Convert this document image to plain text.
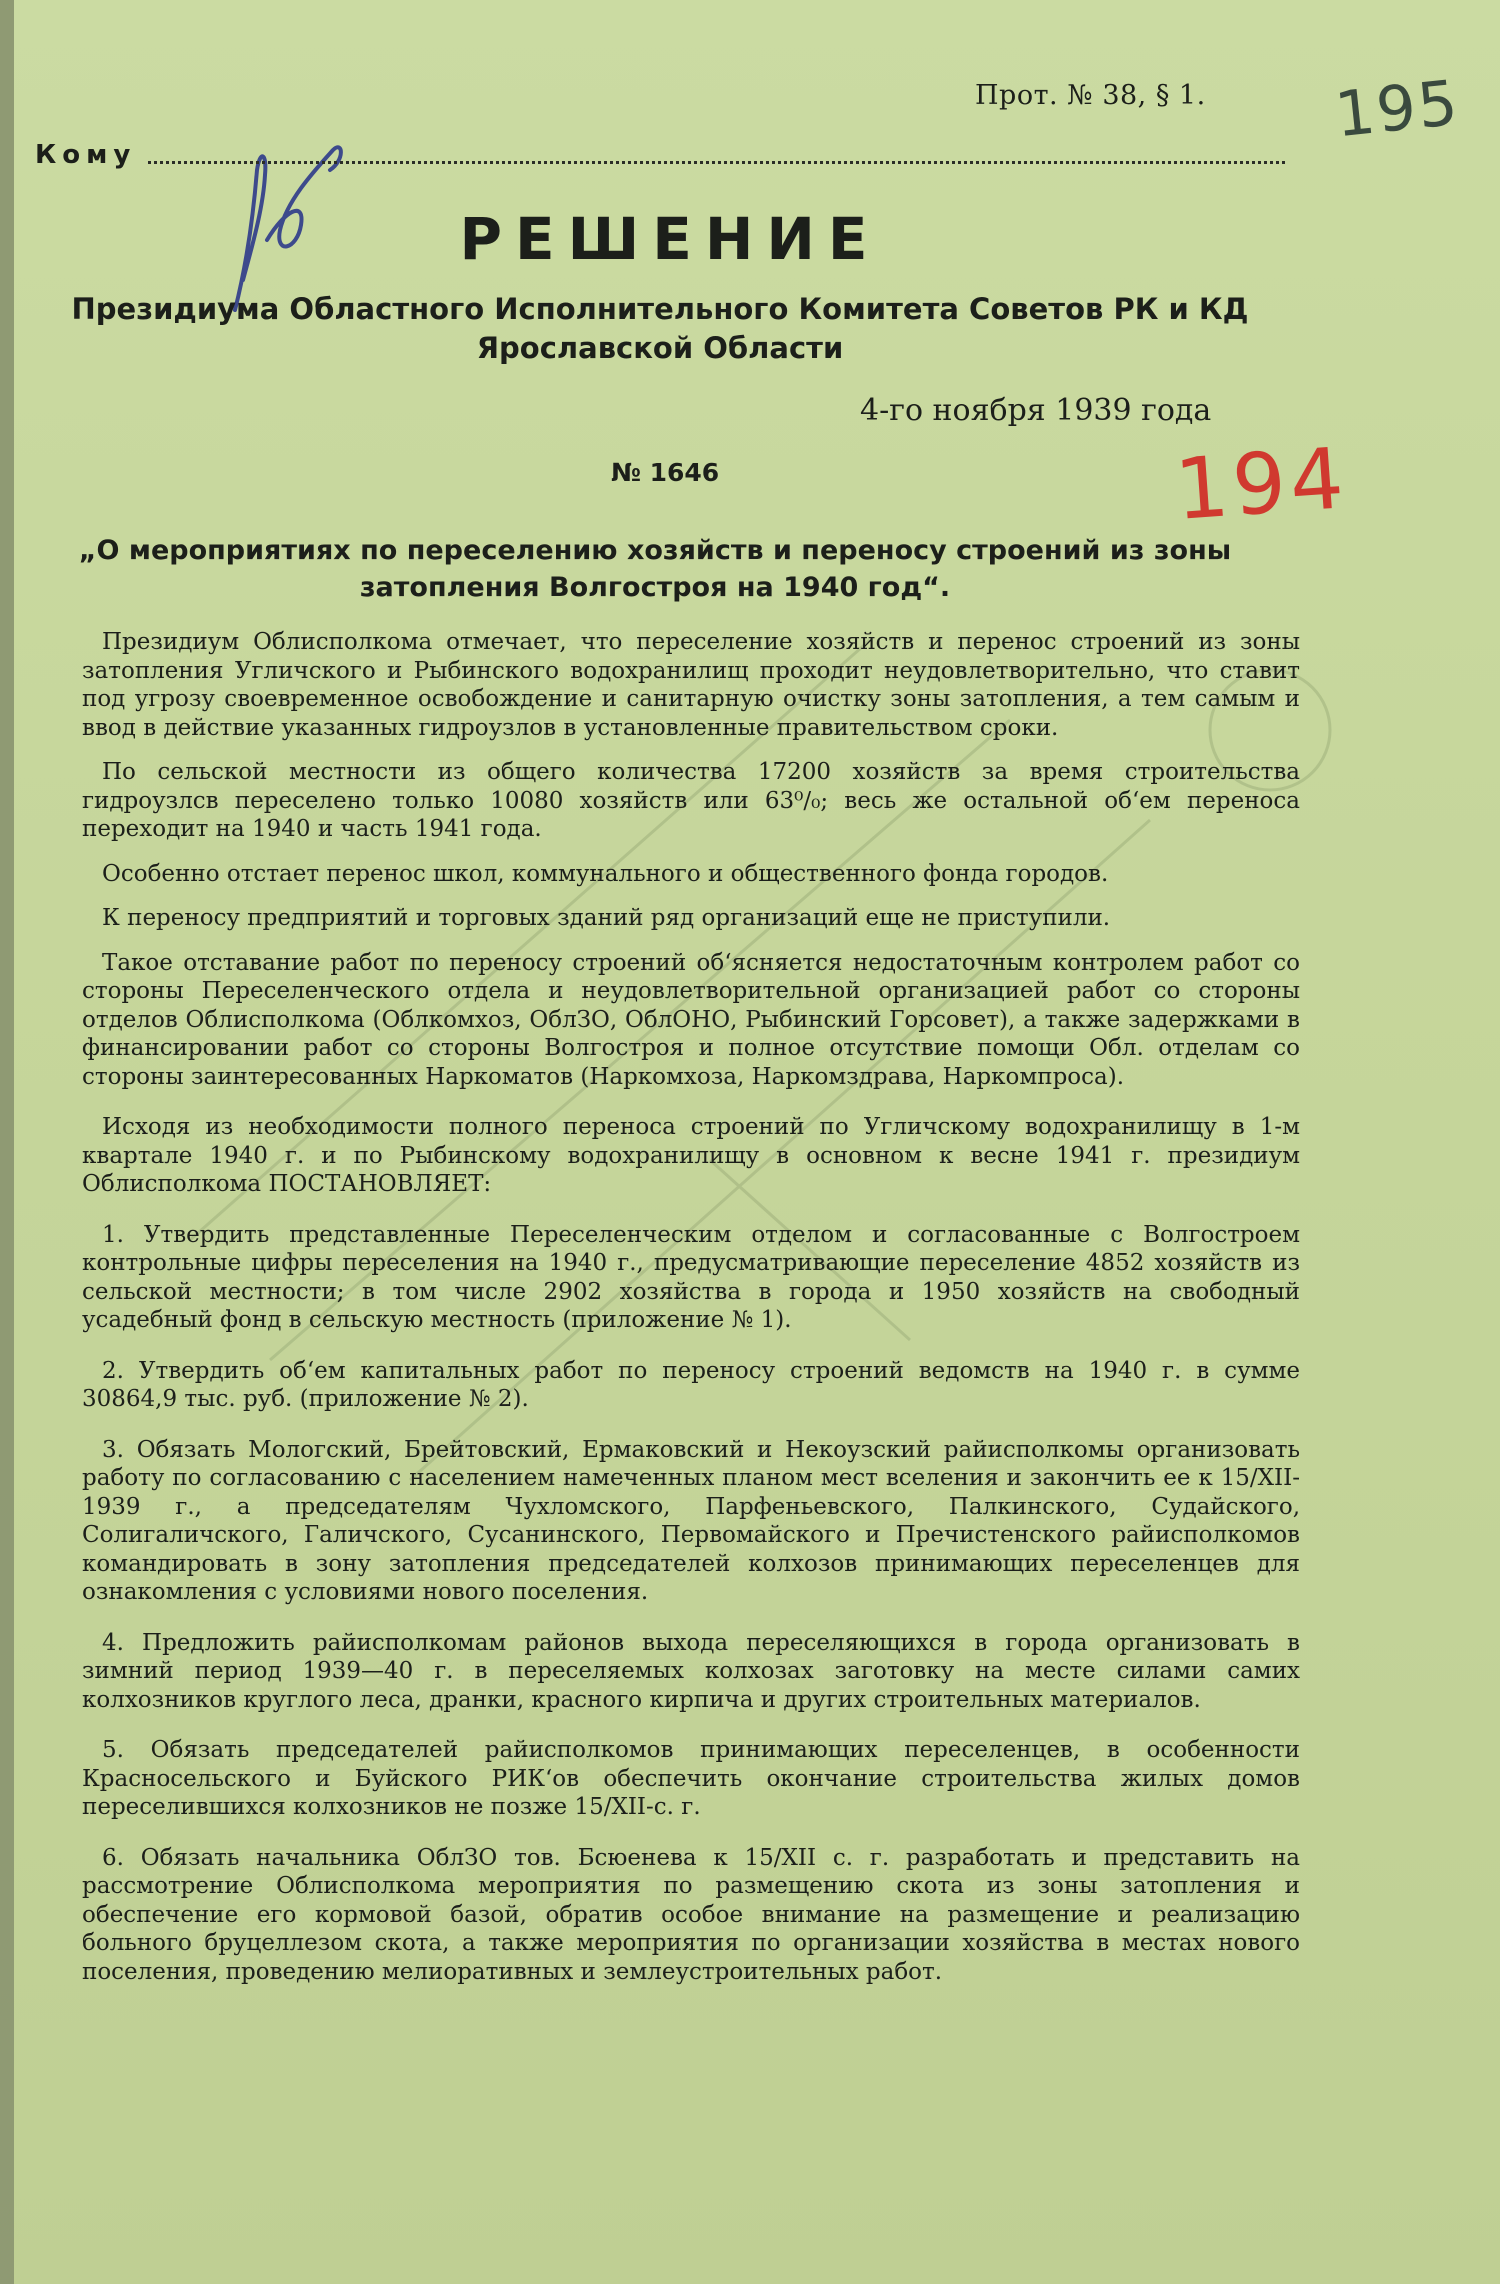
195
194
Прот. № 38, § 1.
Кому
РЕШЕНИЕ
Президиума Областного Исполнительного Комитета Советов РК и КД
Ярославской Области
4-го ноября 1939 года
№ 1646
„О мероприятиях по переселению хозяйств и переносу строений из зоны
затопления Волгостроя на 1940 год“.

Президиум Облисполкома отмечает, что переселение хозяйств и перенос строений из зоны затопления Угличского и Рыбинского водохранилищ проходит неудовлетворительно, что ставит под угрозу своевременное освобождение и санитарную очистку зоны затопления, а тем самым и ввод в действие указанных гидроузлов в установленные правительством сроки.

По сельской местности из общего количества 17200 хозяйств за время строительства гидроузлсв переселено только 10080 хозяйств или 63⁰/₀; весь же остальной об‘ем переноса переходит на 1940 и часть 1941 года.

Особенно отстает перенос школ, коммунального и общественного фонда городов.

К переносу предприятий и торговых зданий ряд организаций еще не приступили.

Такое отставание работ по переносу строений об‘ясняется недостаточным контролем работ со стороны Переселенческого отдела и неудовлетворительной организацией работ со стороны отделов Облисполкома (Облкомхоз, ОблЗО, ОблОНО, Рыбинский Горсовет), а также задержками в финансировании работ со стороны Волгостроя и полное отсутствие помощи Обл. отделам со стороны заинтересованных Наркоматов (Наркомхоза, Наркомздрава, Наркомпроса).

Исходя из необходимости полного переноса строений по Угличскому водохранилищу в 1-м квартале 1940 г. и по Рыбинскому водохранилищу в основном к весне 1941 г. президиум Облисполкома ПОСТАНОВЛЯЕТ:

1. Утвердить представленные Переселенческим отделом и согласованные с Волгостроем контрольные цифры переселения на 1940 г., предусматривающие переселение 4852 хозяйств из сельской местности; в том числе 2902 хозяйства в города и 1950 хозяйств на свободный усадебный фонд в сельскую местность (приложение № 1).

2. Утвердить об‘ем капитальных работ по переносу строений ведомств на 1940 г. в сумме 30864,9 тыс. руб. (приложение № 2).

3. Обязать Мологский, Брейтовский, Ермаковский и Некоузский райисполкомы организовать работу по согласованию с населением намеченных планом мест вселения и закончить ее к 15/XII-1939 г., а председателям Чухломского, Парфеньевского, Палкинского, Судайского, Солигаличского, Галичского, Сусанинского, Первомайского и Пречистенского райисполкомов командировать в зону затопления председателей колхозов принимающих переселенцев для ознакомления с условиями нового поселения.

4. Предложить райисполкомам районов выхода переселяющихся в города организовать в зимний период 1939—40 г. в переселяемых колхозах заготовку на месте силами самих колхозников круглого леса, дранки, красного кирпича и других строительных материалов.

5. Обязать председателей райисполкомов принимающих переселенцев, в особенности Красносельского и Буйского РИК‘ов обеспечить окончание строительства жилых домов переселившихся колхозников не позже 15/XII-с. г.

6. Обязать начальника ОблЗО тов. Бсюенева к 15/XII с. г. разработать и представить на рассмотрение Облисполкома мероприятия по размещению скота из зоны затопления и обеспечение его кормовой базой, обратив особое внимание на размещение и реализацию больного бруцеллезом скота, а также мероприятия по организации хозяйства в местах нового поселения, проведению мелиоративных и землеустроительных работ.
